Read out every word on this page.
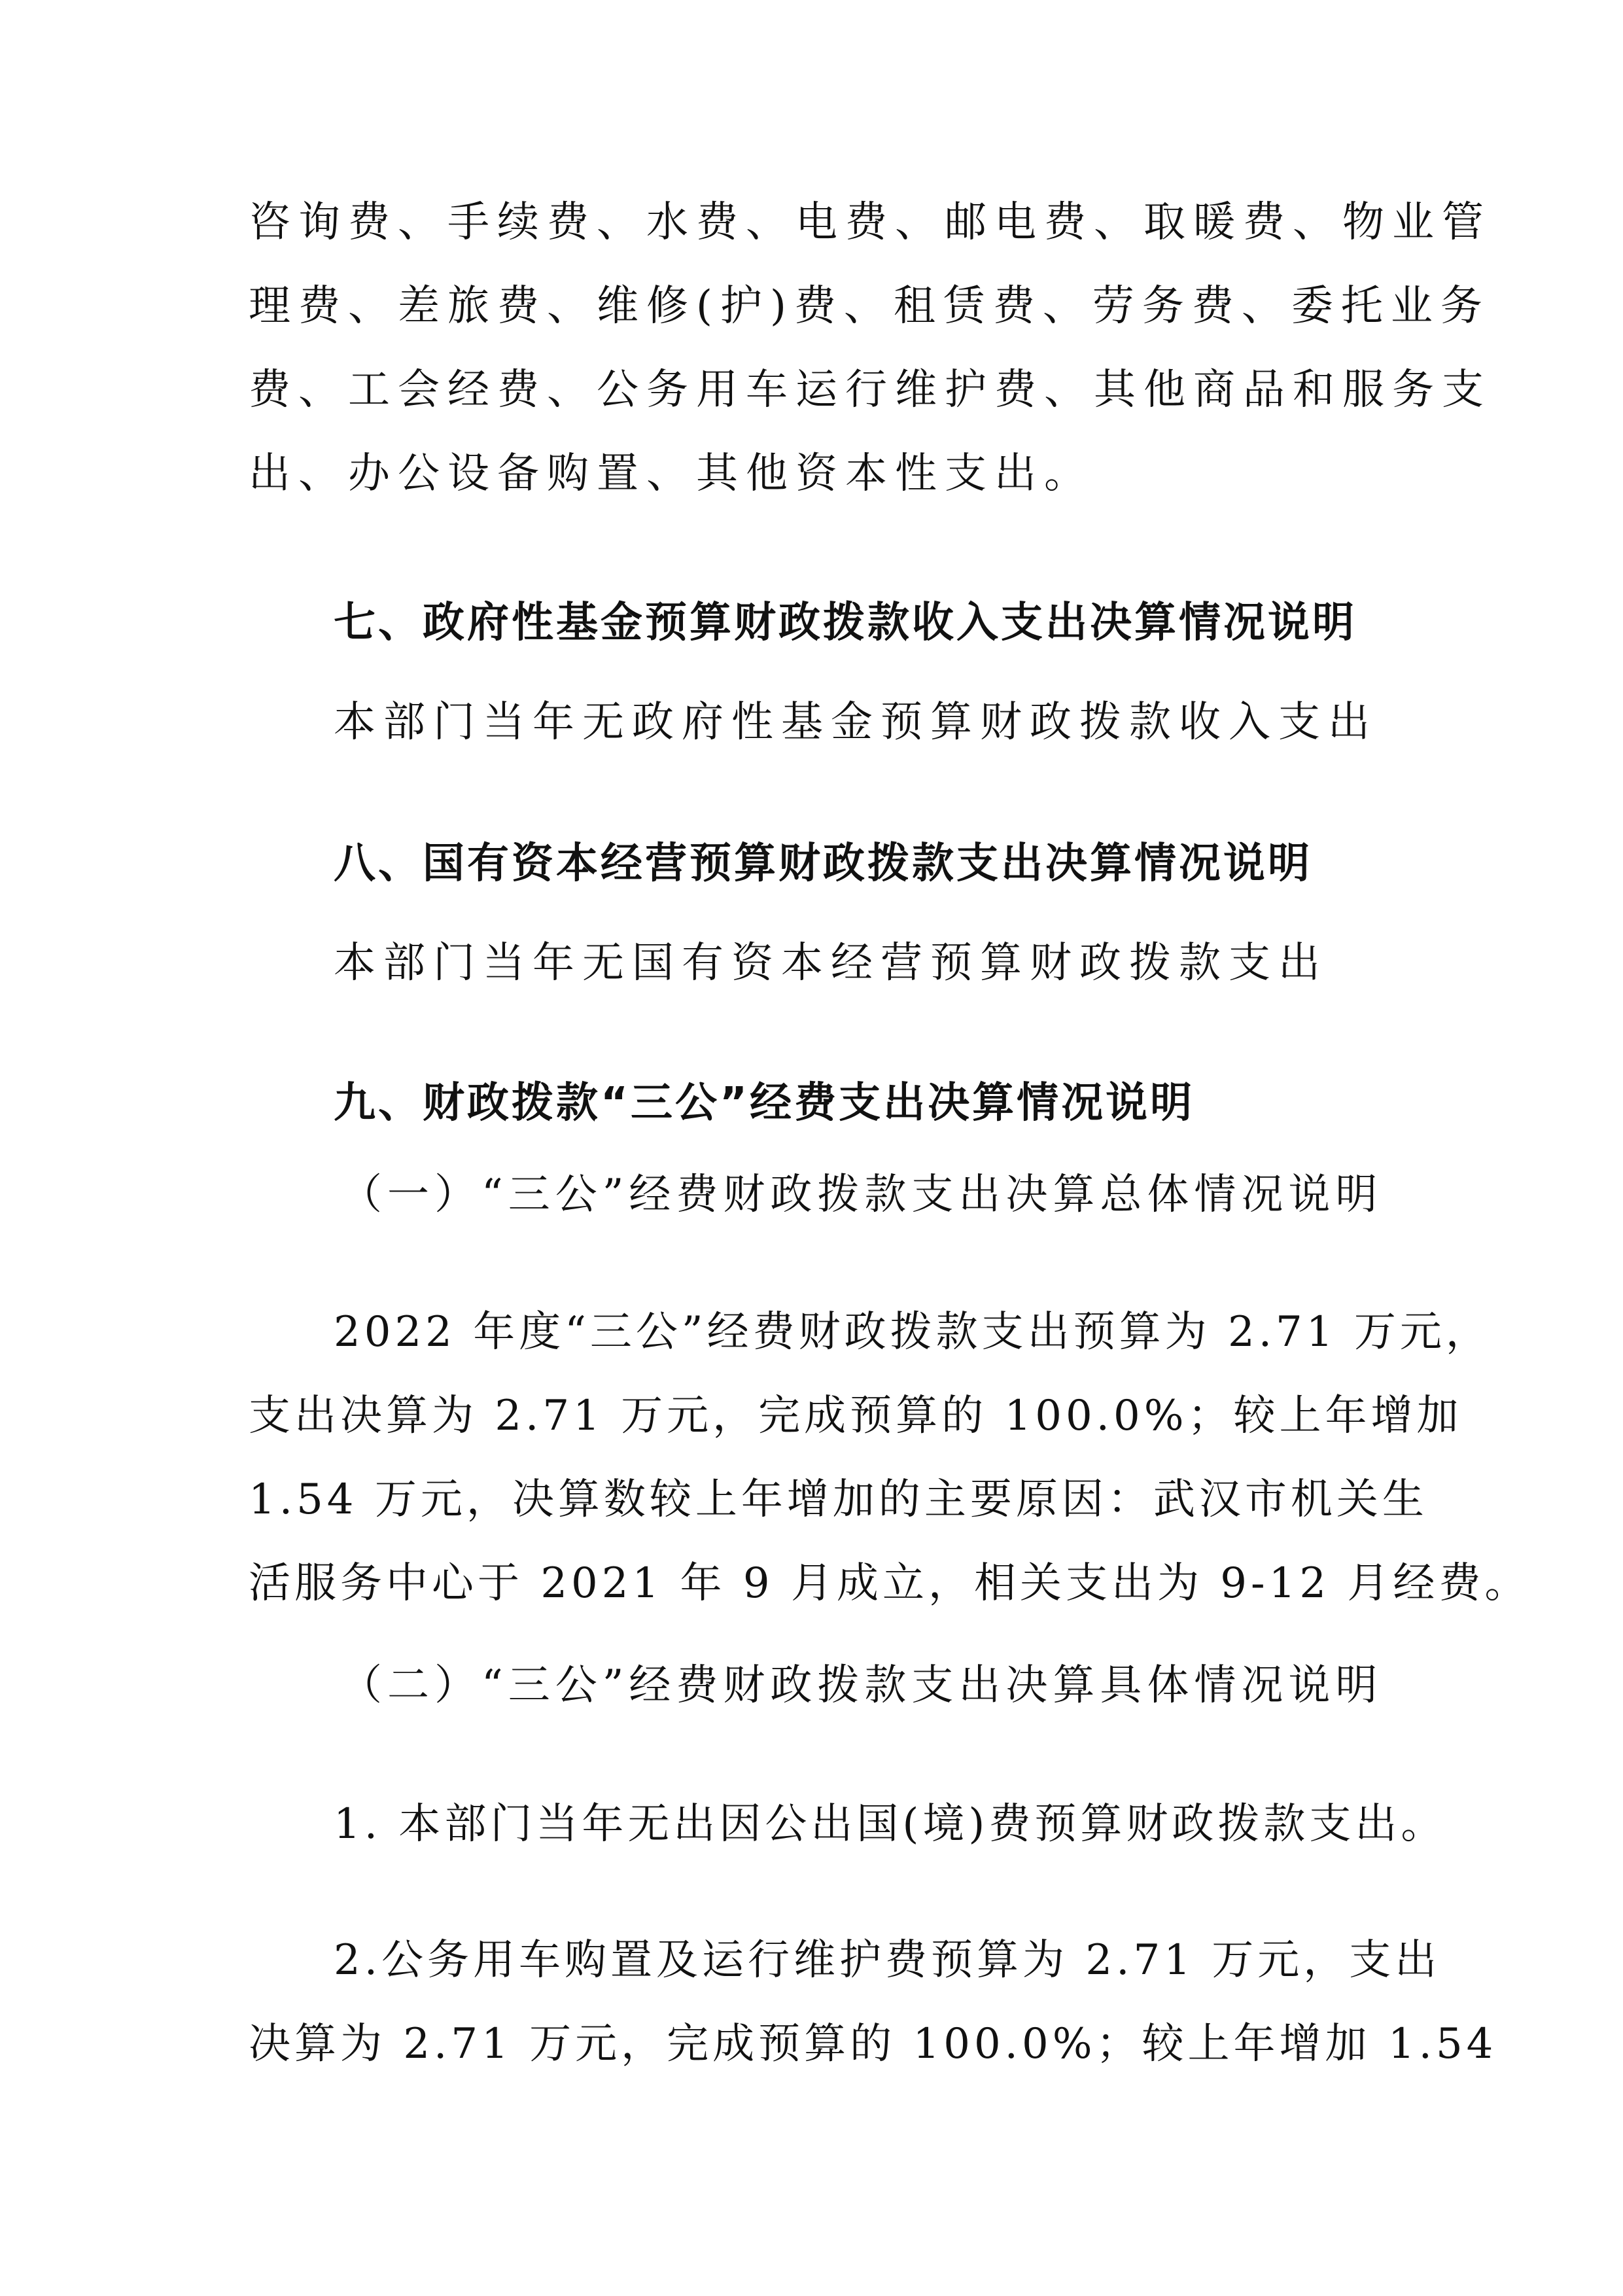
咨询费、手续费、水费、电费、邮电费、取暖费、物业管
理费、差旅费、维修(护)费、租赁费、劳务费、委托业务
费、工会经费、公务用车运行维护费、其他商品和服务支
出、办公设备购置、其他资本性支出。
七、政府性基金预算财政拨款收入支出决算情况说明
本部门当年无政府性基金预算财政拨款收入支出
八、国有资本经营预算财政拨款支出决算情况说明
本部门当年无国有资本经营预算财政拨款支出
九、财政拨款“三公”经费支出决算情况说明
（一）“三公”经费财政拨款支出决算总体情况说明
2022 年度“三公”经费财政拨款支出预算为 2.71 万元，
支出决算为 2.71 万元，完成预算的 100.0%；较上年增加
1.54 万元，决算数较上年增加的主要原因：武汉市机关生
活服务中心于 2021 年 9 月成立，相关支出为 9-12 月经费。
（二）“三公”经费财政拨款支出决算具体情况说明
1. 本部门当年无出因公出国(境)费预算财政拨款支出。
2.公务用车购置及运行维护费预算为 2.71 万元，支出
决算为 2.71 万元，完成预算的 100.0%；较上年增加 1.54
